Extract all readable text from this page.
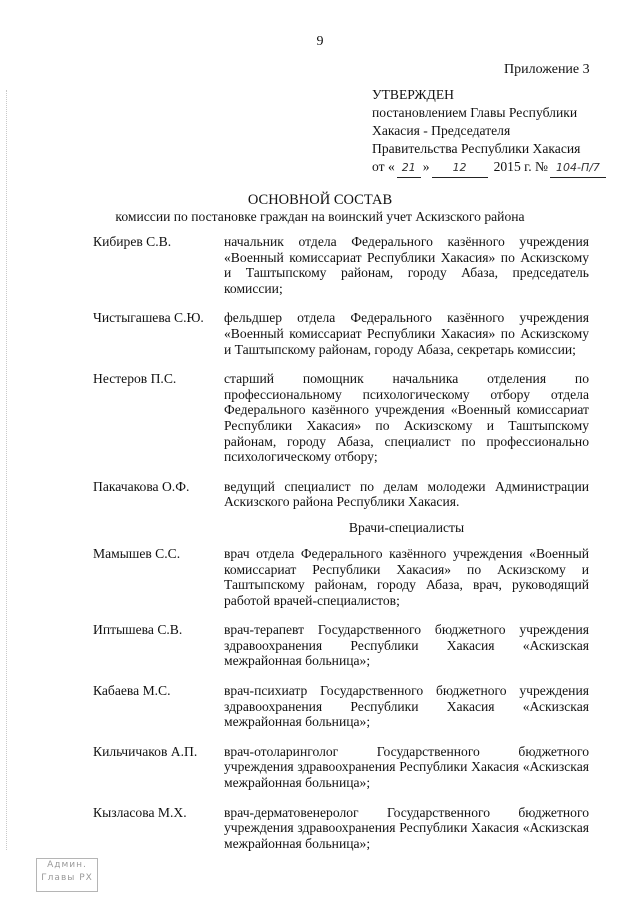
9
Приложение 3
УТВЕРЖДЕН
постановлением Главы Республики
Хакасия - Председателя
Правительства Республики Хакасия
от « 21 »	12	2015 г. № 104-П/7
ОСНОВНОЙ СОСТАВ
комиссии по постановке граждан на воинский учет Аскизского района
Кибирев С.В.	начальник отдела Федерального казённого учреждения «Военный комиссариат Республики Хакасия» по Аскизскому и Таштыпскому районам, городу Абаза, председатель комиссии;
Чистыгашева С.Ю.	фельдшер отдела Федерального казённого учреждения «Военный комиссариат Республики Хакасия» по Аскизскому и Таштыпскому районам, городу Абаза, секретарь комиссии;
Нестеров П.С.	старший помощник начальника отделения по профессиональному психологическому отбору отдела Федерального казённого учреждения «Военный комиссариат Республики Хакасия» по Аскизскому и Таштыпскому районам, городу Абаза, специалист по профессионально психологическому отбору;
Пакачакова О.Ф.	ведущий специалист по делам молодежи Администрации Аскизского района Республики Хакасия.
Врачи-специалисты
Мамышев С.С.	врач отдела Федерального казённого учреждения «Военный комиссариат Республики Хакасия» по Аскизскому и Таштыпскому районам, городу Абаза, врач, руководящий работой врачей-специалистов;
Иптышева С.В.	врач-терапевт Государственного бюджетного учреждения здравоохранения Республики Хакасия «Аскизская межрайонная больница»;
Кабаева М.С.	врач-психиатр Государственного бюджетного учреждения здравоохранения Республики Хакасия «Аскизская межрайонная больница»;
Кильчичаков А.П.	врач-отоларинголог Государственного бюджетного учреждения здравоохранения Республики Хакасия «Аскизская межрайонная больница»;
Кызласова М.Х.	врач-дерматовенеролог Государственного бюджетного учреждения здравоохранения Республики Хакасия «Аскизская межрайонная больница»;
Админ.
Главы РХ
